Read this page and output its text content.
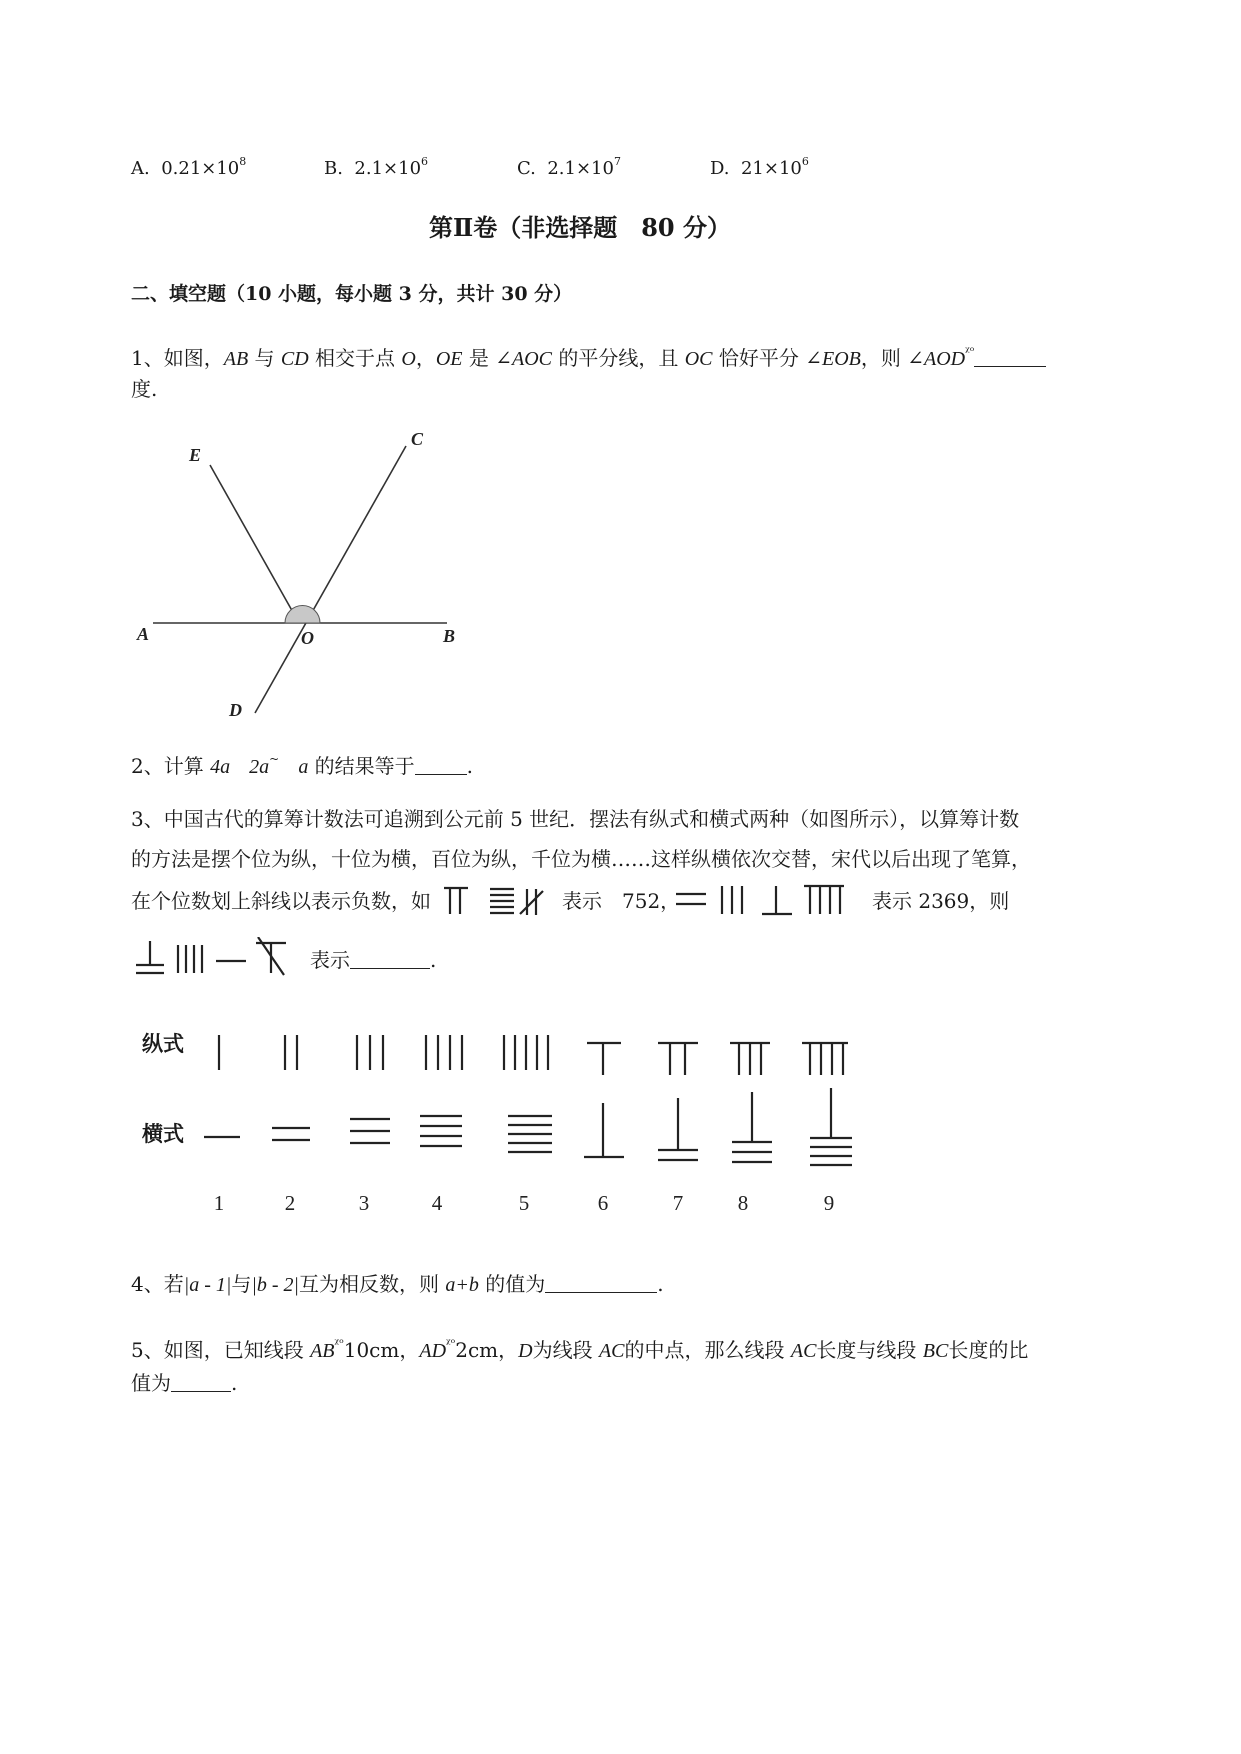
A. $0.21\times 10^8$	B. $2.1\times 10^6$	C. $2.1\times 10^7$	D. $21\times 10^6$
第Ⅱ卷（非选择题　80 分）
二、填空题（10 小题，每小题 3 分，共计 30 分）
1、如图，AB 与 CD 相交于点 O，OE 是 ∠AOC 的平分线，且 OC 恰好平分 ∠EOB，则 $\angle AOD^{ᵡᵒ}$
度.
E
C
A	O	B
D
2、计算 4a 2a~ a 的结果等于	.
3、中国古代的算筹计数法可追溯到公元前 5 世纪．摆法有纵式和横式两种（如图所示），以算筹计数
的方法是摆个位为纵，十位为横，百位为纵，千位为横……这样纵横依次交替，宋代以后出现了笔算，
在个位数划上斜线以表示负数，如	表示　752，	表示 2369，则
表示	.
纵式
横式
1	2	3	4	5	6	7	8	9
4、若|a - 1|与|b - 2|互为相反数，则 a+b 的值为	.
5、如图，已知线段 $AB^{ᵡᵒ}10cm$，$AD^{ᵡᵒ}2cm$，D为线段 AC的中点，那么线段 AC长度与线段 BC长度的比
值为	.
